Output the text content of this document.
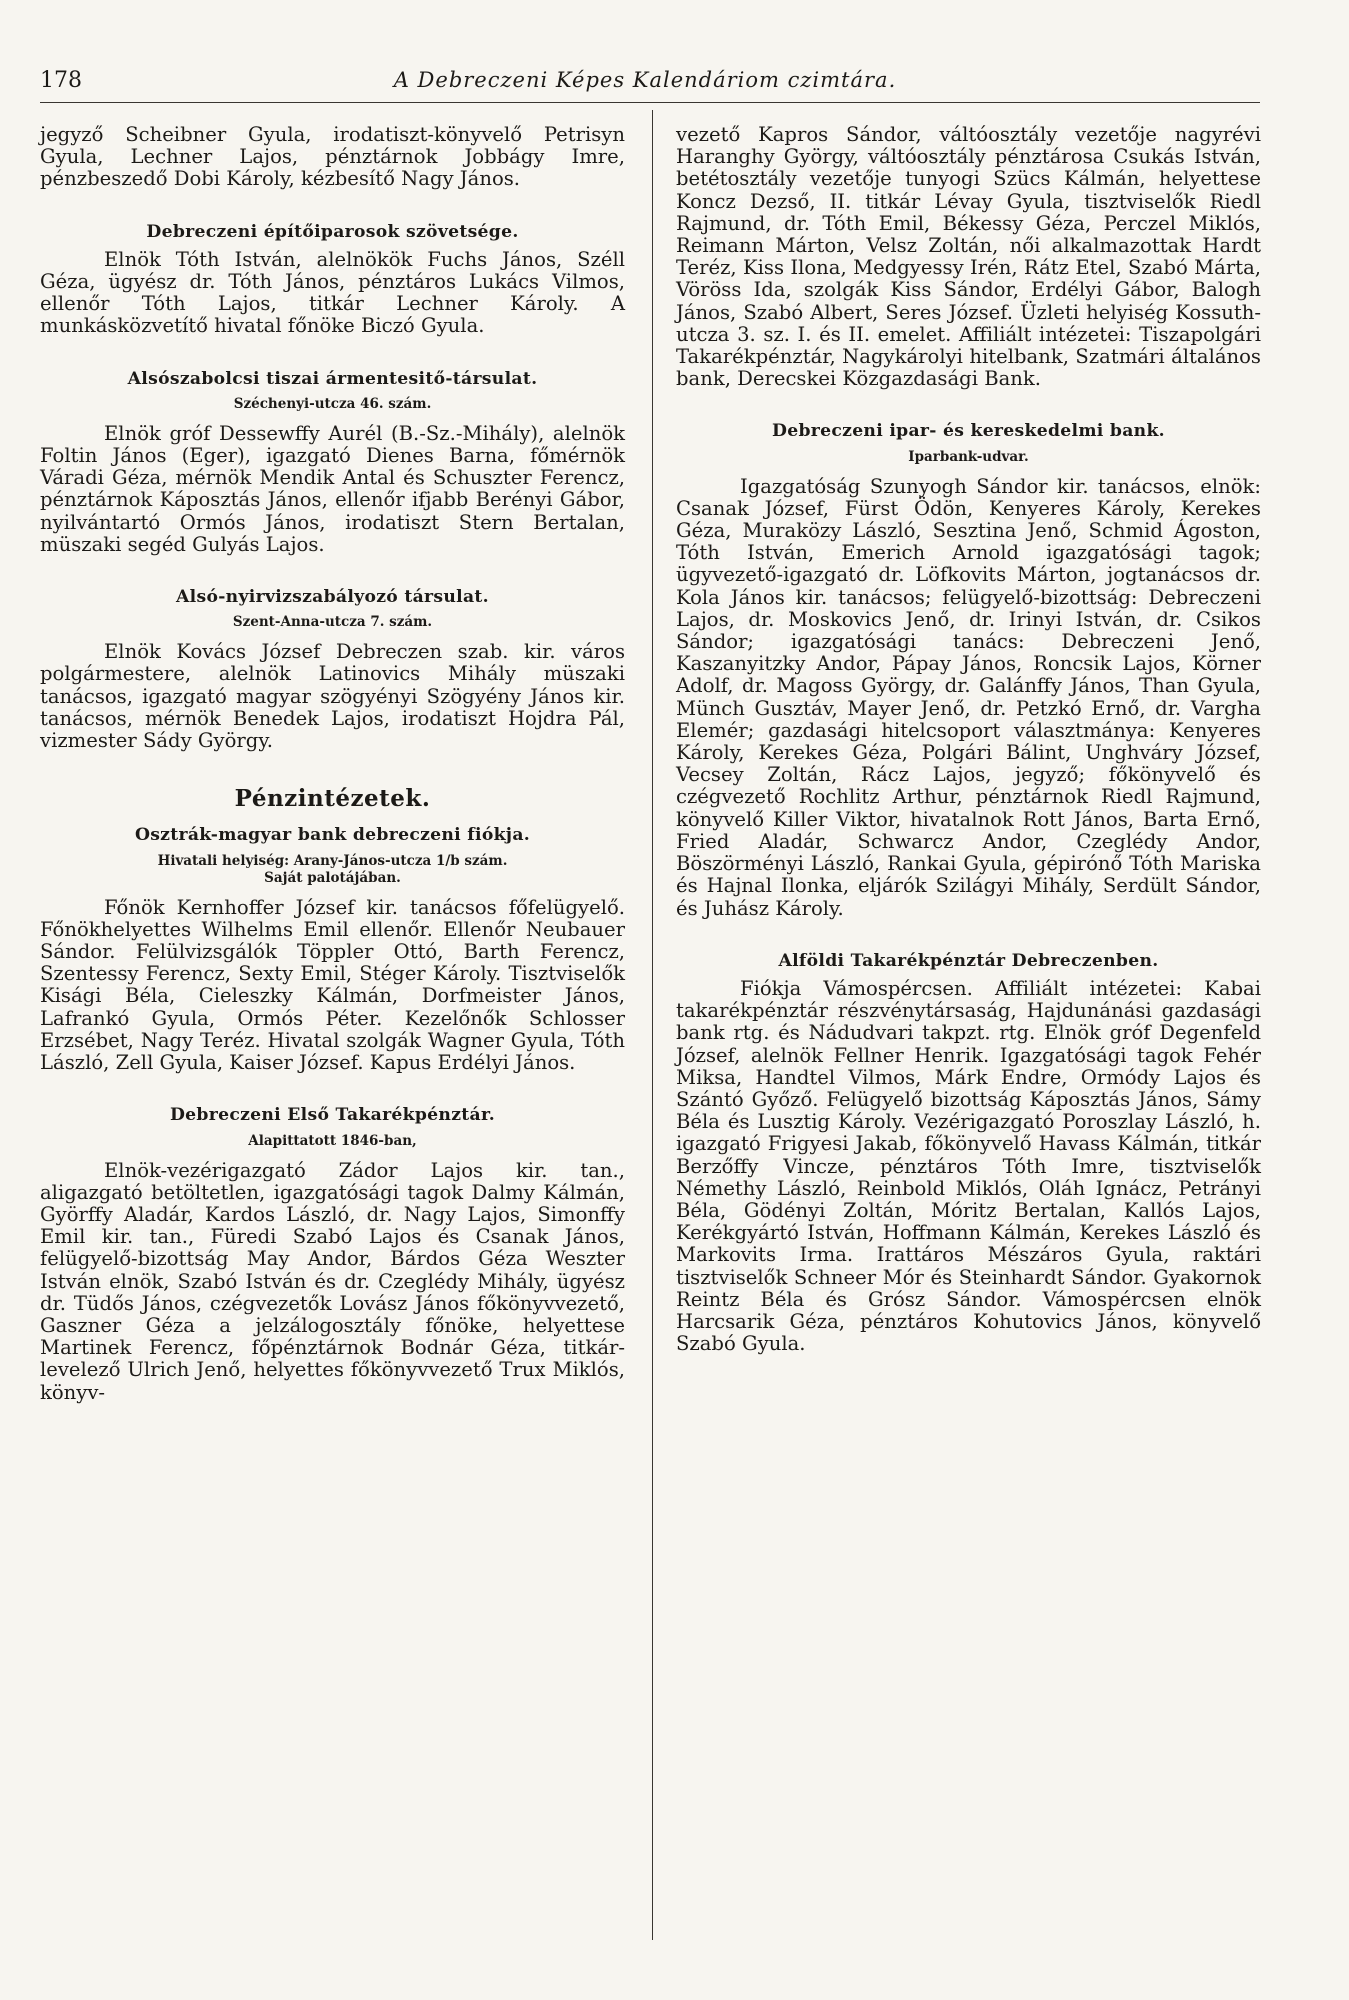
178	A Debreczeni Képes Kalendáriom czimtára.

jegyző Scheibner Gyula, irodatiszt-könyvelő Petrisyn Gyula, Lechner Lajos, pénztárnok Jobbágy Imre, pénzbeszedő Dobi Károly, kézbesítő Nagy János.

Debreczeni építőiparosok szövetsége.

Elnök Tóth István, alelnökök Fuchs János, Széll Géza, ügyész dr. Tóth János, pénztáros Lukács Vilmos, ellenőr Tóth Lajos, titkár Lechner Károly. A munkásközvetítő hivatal főnöke Biczó Gyula.

Alsószabolcsi tiszai ármentesitő-társulat.
Széchenyi-utcza 46. szám.

Elnök gróf Dessewffy Aurél (B.-Sz.-Mihály), alelnök Foltin János (Eger), igazgató Dienes Barna, főmérnök Váradi Géza, mérnök Mendik Antal és Schuszter Ferencz, pénztárnok Káposztás János, ellenőr ifjabb Berényi Gábor, nyilvántartó Ormós János, irodatiszt Stern Bertalan, müszaki segéd Gulyás Lajos.

Alsó-nyirvizszabályozó társulat.
Szent-Anna-utcza 7. szám.

Elnök Kovács József Debreczen szab. kir. város polgármestere, alelnök Latinovics Mihály müszaki tanácsos, igazgató magyar szögyényi Szögyény János kir. tanácsos, mérnök Benedek Lajos, irodatiszt Hojdra Pál, vizmester Sády György.

Pénzintézetek.
Osztrák-magyar bank debreczeni fiókja.
Hivatali helyiség: Arany-János-utcza 1/b szám.
Saját palotájában.

Főnök Kernhoffer József kir. tanácsos főfelügyelő. Főnökhelyettes Wilhelms Emil ellenőr. Ellenőr Neubauer Sándor. Felülvizsgálók Töppler Ottó, Barth Ferencz, Szentessy Ferencz, Sexty Emil, Stéger Károly. Tisztviselők Kisági Béla, Cieleszky Kálmán, Dorfmeister János, Lafrankó Gyula, Ormós Péter. Kezelőnők Schlosser Erzsébet, Nagy Teréz. Hivatal szolgák Wagner Gyula, Tóth László, Zell Gyula, Kaiser József. Kapus Erdélyi János.

Debreczeni Első Takarékpénztár.
Alapittatott 1846-ban,

Elnök-vezérigazgató Zádor Lajos kir. tan., aligazgató betöltetlen, igazgatósági tagok Dalmy Kálmán, Györffy Aladár, Kardos László, dr. Nagy Lajos, Simonffy Emil kir. tan., Füredi Szabó Lajos és Csanak János, felügyelő-bizottság May Andor, Bárdos Géza Weszter István elnök, Szabó István és dr. Czeglédy Mihály, ügyész dr. Tüdős János, czégvezetők Lovász János főkönyvvezető, Gaszner Géza a jelzálogosztály főnöke, helyettese Martinek Ferencz, főpénztárnok Bodnár Géza, titkár-levelező Ulrich Jenő, helyettes főkönyvvezető Trux Miklós, könyv-

vezető Kapros Sándor, váltóosztály vezetője nagyrévi Haranghy György, váltóosztály pénztárosa Csukás István, betétosztály vezetője tunyogi Szücs Kálmán, helyettese Koncz Dezső, II. titkár Lévay Gyula, tisztviselők Riedl Rajmund, dr. Tóth Emil, Békessy Géza, Perczel Miklós, Reimann Márton, Velsz Zoltán, női alkalmazottak Hardt Teréz, Kiss Ilona, Medgyessy Irén, Rátz Etel, Szabó Márta, Vöröss Ida, szolgák Kiss Sándor, Erdélyi Gábor, Balogh János, Szabó Albert, Seres József. Üzleti helyiség Kossuth-utcza 3. sz. I. és II. emelet. Affiliált intézetei: Tiszapolgári Takarékpénztár, Nagykárolyi hitelbank, Szatmári általános bank, Derecskei Közgazdasági Bank.

Debreczeni ipar- és kereskedelmi bank.
Iparbank-udvar.

Igazgatóság Szunyogh Sándor kir. tanácsos, elnök: Csanak József, Fürst Ödön, Kenyeres Károly, Kerekes Géza, Muraközy László, Sesztina Jenő, Schmid Ágoston, Tóth István, Emerich Arnold igazgatósági tagok; ügyvezető-igazgató dr. Löfkovits Márton, jogtanácsos dr. Kola János kir. tanácsos; felügyelő-bizottság: Debreczeni Lajos, dr. Moskovics Jenő, dr. Irinyi István, dr. Csikos Sándor; igazgatósági tanács: Debreczeni Jenő, Kaszanyitzky Andor, Pápay János, Roncsik Lajos, Körner Adolf, dr. Magoss György, dr. Galánffy János, Than Gyula, Münch Gusztáv, Mayer Jenő, dr. Petzkó Ernő, dr. Vargha Elemér; gazdasági hitelcsoport választmánya: Kenyeres Károly, Kerekes Géza, Polgári Bálint, Unghváry József, Vecsey Zoltán, Rácz Lajos, jegyző; főkönyvelő és czégvezető Rochlitz Arthur, pénztárnok Riedl Rajmund, könyvelő Killer Viktor, hivatalnok Rott János, Barta Ernő, Fried Aladár, Schwarcz Andor, Czeglédy Andor, Böszörményi László, Rankai Gyula, gépirónő Tóth Mariska és Hajnal Ilonka, eljárók Szilágyi Mihály, Serdült Sándor, és Juhász Károly.

Alföldi Takarékpénztár Debreczenben.

Fiókja Vámospércsen. Affiliált intézetei: Kabai takarékpénztár részvénytársaság, Hajdunánási gazdasági bank rtg. és Nádudvari takpzt. rtg. Elnök gróf Degenfeld József, alelnök Fellner Henrik. Igazgatósági tagok Fehér Miksa, Handtel Vilmos, Márk Endre, Ormódy Lajos és Szántó Győző. Felügyelő bizottság Káposztás János, Sámy Béla és Lusztig Károly. Vezérigazgató Poroszlay László, h. igazgató Frigyesi Jakab, főkönyvelő Havass Kálmán, titkár Berzőffy Vincze, pénztáros Tóth Imre, tisztviselők Némethy László, Reinbold Miklós, Oláh Ignácz, Petrányi Béla, Gödényi Zoltán, Móritz Bertalan, Kallós Lajos, Kerékgyártó István, Hoffmann Kálmán, Kerekes László és Markovits Irma. Irattáros Mészáros Gyula, raktári tisztviselők Schneer Mór és Steinhardt Sándor. Gyakornok Reintz Béla és Grósz Sándor. Vámospércsen elnök Harcsarik Géza, pénztáros Kohutovics János, könyvelő Szabó Gyula.
